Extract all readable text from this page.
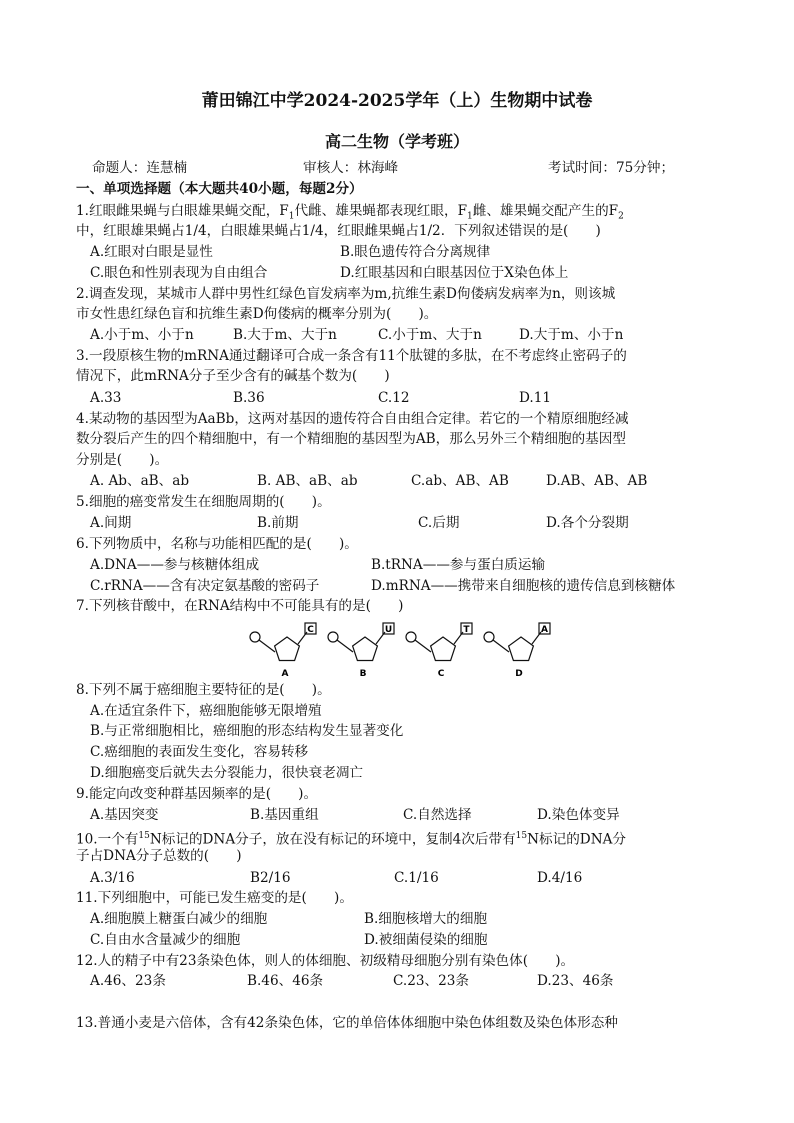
莆田锦江中学2024-2025学年（上）生物期中试卷
高二生物（学考班）
命题人：连慧楠	审核人：林海峰	考试时间：75分钟；
一、单项选择题（本大题共40小题，每题2分）
1.红眼雌果蝇与白眼雄果蝇交配，$F_1$代雌、雄果蝇都表现红眼，$F_1$雌、雄果蝇交配产生的$F_2$
中，红眼雄果蝇占1/4，白眼雄果蝇占1/4，红眼雌果蝇占1/2．下列叙述错误的是(　　)
A.红眼对白眼是显性	B.眼色遗传符合分离规律
C.眼色和性别表现为自由组合	D.红眼基因和白眼基因位于X染色体上
2.调查发现，某城市人群中男性红绿色盲发病率为m,抗维生素D佝偻病发病率为n，则该城
市女性患红绿色盲和抗维生素D佝偻病的概率分别为(　　)。
A.小于m、小于n	B.大于m、大于n	C.小于m、大于n	D.大于m、小于n
3.一段原核生物的mRNA通过翻译可合成一条含有11个肽键的多肽，在不考虑终止密码子的
情况下，此mRNA分子至少含有的碱基个数为(　　)
A.33	B.36	C.12	D.11
4.某动物的基因型为AaBb，这两对基因的遗传符合自由组合定律。若它的一个精原细胞经减
数分裂后产生的四个精细胞中，有一个精细胞的基因型为AB，那么另外三个精细胞的基因型
分别是(　　)。
A. Ab、aB、ab	B. AB、aB、ab	C.ab、AB、AB	D.AB、AB、AB
5.细胞的癌变常发生在细胞周期的(　　)。
A.间期	B.前期	C.后期	D.各个分裂期
6.下列物质中，名称与功能相匹配的是(　　)。
A.DNA——参与核糖体组成	B.tRNA——参与蛋白质运输
C.rRNA——含有决定氨基酸的密码子	D.mRNA——携带来自细胞核的遗传信息到核糖体
7.下列核苷酸中，在RNA结构中不可能具有的是(　　)
C
A
U
B
T
C
A
D
8.下列不属于癌细胞主要特征的是(　　)。
A.在适宜条件下，癌细胞能够无限增殖
B.与正常细胞相比，癌细胞的形态结构发生显著变化
C.癌细胞的表面发生变化，容易转移
D.细胞癌变后就失去分裂能力，很快衰老凋亡
9.能定向改变种群基因频率的是(　　)。
A.基因突变	B.基因重组	C.自然选择	D.染色体变异
10.一个有$^{15}$N标记的DNA分子，放在没有标记的环境中，复制4次后带有$^{15}$N标记的DNA分
子占DNA分子总数的(　　)
A.3/16	B2/16	C.1/16	D.4/16
11.下列细胞中，可能已发生癌变的是(　　)。
A.细胞膜上糖蛋白减少的细胞	B.细胞核增大的细胞
C.自由水含量减少的细胞	D.被细菌侵染的细胞
12.人的精子中有23条染色体，则人的体细胞、初级精母细胞分别有染色体(　　)。
A.46、23条	B.46、46条	C.23、23条	D.23、46条
13.普通小麦是六倍体，含有42条染色体，它的单倍体体细胞中染色体组数及染色体形态种
